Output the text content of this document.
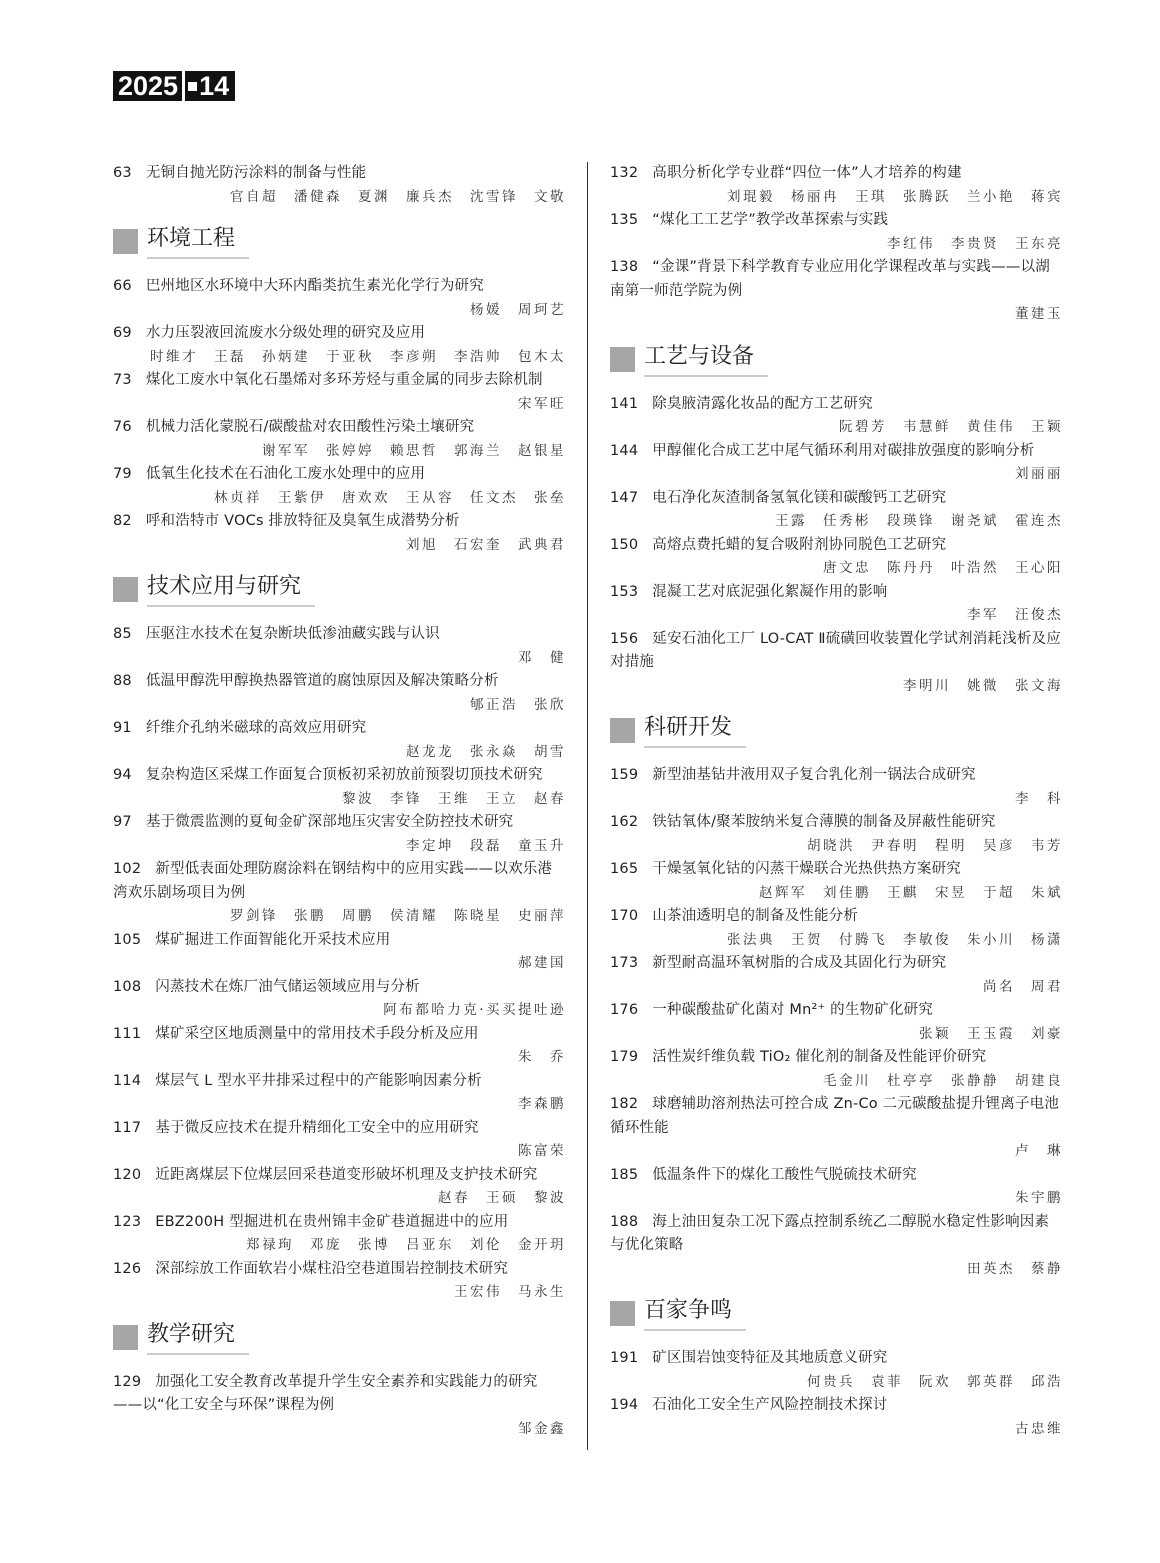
2025 14
63 无铜自抛光防污涂料的制备与性能
官自超　潘健森　夏渊　廉兵杰　沈雪锋　文敬
环境工程
66 巴州地区水环境中大环内酯类抗生素光化学行为研究
杨媛　周珂艺
69 水力压裂液回流废水分级处理的研究及应用
时维才　王磊　孙炳建　于亚秋　李彦朔　李浩帅　包木太
73 煤化工废水中氧化石墨烯对多环芳烃与重金属的同步去除机制
宋军旺
76 机械力活化蒙脱石/碳酸盐对农田酸性污染土壤研究
谢军军　张婷婷　赖思哲　郭海兰　赵银星
79 低氧生化技术在石油化工废水处理中的应用
林贞祥　王紫伊　唐欢欢　王从容　任文杰　张垒
82 呼和浩特市 VOCs 排放特征及臭氧生成潜势分析
刘旭　石宏奎　武典君
技术应用与研究
85 压驱注水技术在复杂断块低渗油藏实践与认识
邓　健
88 低温甲醇洗甲醇换热器管道的腐蚀原因及解决策略分析
郇正浩　张欣
91 纤维介孔纳米磁球的高效应用研究
赵龙龙　张永焱　胡雪
94 复杂构造区采煤工作面复合顶板初采初放前预裂切顶技术研究
黎波　李锋　王维　王立　赵春
97 基于微震监测的夏甸金矿深部地压灾害安全防控技术研究
李定坤　段磊　童玉升
102 新型低表面处理防腐涂料在钢结构中的应用实践——以欢乐港湾欢乐剧场项目为例
罗剑锋　张鹏　周鹏　侯清耀　陈晓星　史丽萍
105 煤矿掘进工作面智能化开采技术应用
郝建国
108 闪蒸技术在炼厂油气储运领域应用与分析
阿布都哈力克·买买提吐逊
111 煤矿采空区地质测量中的常用技术手段分析及应用
朱　乔
114 煤层气 L 型水平井排采过程中的产能影响因素分析
李森鹏
117 基于微反应技术在提升精细化工安全中的应用研究
陈富荣
120 近距离煤层下位煤层回采巷道变形破坏机理及支护技术研究
赵春　王硕　黎波
123 EBZ200H 型掘进机在贵州锦丰金矿巷道掘进中的应用
郑禄珣　邓庞　张博　吕亚东　刘伦　金开玥
126 深部综放工作面软岩小煤柱沿空巷道围岩控制技术研究
王宏伟　马永生
教学研究
129 加强化工安全教育改革提升学生安全素养和实践能力的研究——以“化工安全与环保”课程为例
邹金鑫
132 高职分析化学专业群“四位一体”人才培养的构建
刘琨毅　杨丽冉　王琪　张腾跃　兰小艳　蒋宾
135 “煤化工工艺学”教学改革探索与实践
李红伟　李贵贤　王东亮
138 “金课”背景下科学教育专业应用化学课程改革与实践——以湖南第一师范学院为例
董建玉
工艺与设备
141 除臭腋清露化妆品的配方工艺研究
阮碧芳　韦慧鲜　黄佳伟　王颖
144 甲醇催化合成工艺中尾气循环利用对碳排放强度的影响分析
刘丽丽
147 电石净化灰渣制备氢氧化镁和碳酸钙工艺研究
王露　任秀彬　段瑛锋　谢尧斌　霍连杰
150 高熔点费托蜡的复合吸附剂协同脱色工艺研究
唐文忠　陈丹丹　叶浩然　王心阳
153 混凝工艺对底泥强化絮凝作用的影响
李军　汪俊杰
156 延安石油化工厂 LO-CAT Ⅱ硫磺回收装置化学试剂消耗浅析及应对措施
李明川　姚微　张文海
科研开发
159 新型油基钻井液用双子复合乳化剂一锅法合成研究
李　科
162 铁钴氧体/聚苯胺纳米复合薄膜的制备及屏蔽性能研究
胡晓洪　尹春明　程明　吴彦　韦芳
165 干燥氢氧化钴的闪蒸干燥联合光热供热方案研究
赵辉军　刘佳鹏　王麒　宋昱　于超　朱斌
170 山茶油透明皂的制备及性能分析
张法典　王贺　付腾飞　李敏俊　朱小川　杨潇
173 新型耐高温环氧树脂的合成及其固化行为研究
尚名　周君
176 一种碳酸盐矿化菌对 Mn²⁺ 的生物矿化研究
张颖　王玉霞　刘豪
179 活性炭纤维负载 TiO₂ 催化剂的制备及性能评价研究
毛金川　杜亭亭　张静静　胡建良
182 球磨辅助溶剂热法可控合成 Zn-Co 二元碳酸盐提升锂离子电池循环性能
卢　琳
185 低温条件下的煤化工酸性气脱硫技术研究
朱宇鹏
188 海上油田复杂工况下露点控制系统乙二醇脱水稳定性影响因素与优化策略
田英杰　蔡静
百家争鸣
191 矿区围岩蚀变特征及其地质意义研究
何贵兵　袁菲　阮欢　郭英群　邱浩
194 石油化工安全生产风险控制技术探讨
古忠维
